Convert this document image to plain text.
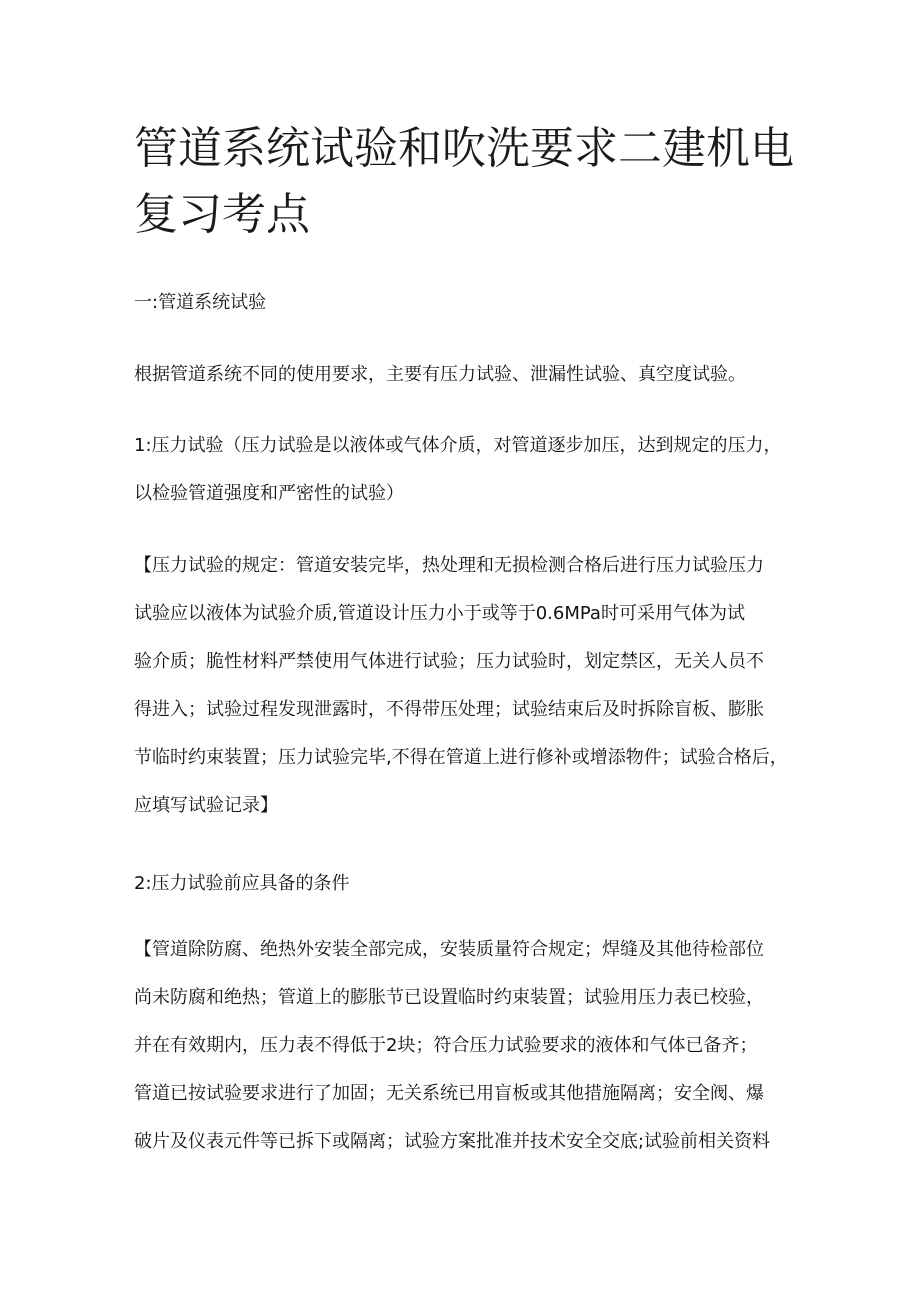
管道系统试验和吹洗要求二建机电复习考点
一:管道系统试验
根据管道系统不同的使用要求，主要有压力试验、泄漏性试验、真空度试验。
1:压力试验（压力试验是以液体或气体介质，对管道逐步加压，达到规定的压力，
以检验管道强度和严密性的试验）
【压力试验的规定：管道安装完毕，热处理和无损检测合格后进行压力试验压力
试验应以液体为试验介质,管道设计压力小于或等于0.6MPa时可采用气体为试
验介质；脆性材料严禁使用气体进行试验；压力试验时，划定禁区，无关人员不
得进入；试验过程发现泄露时，不得带压处理；试验结束后及时拆除盲板、膨胀
节临时约束装置；压力试验完毕,不得在管道上进行修补或增添物件；试验合格后，
应填写试验记录】
2:压力试验前应具备的条件
【管道除防腐、绝热外安装全部完成，安装质量符合规定；焊缝及其他待检部位
尚未防腐和绝热；管道上的膨胀节已设置临时约束装置；试验用压力表已校验，
并在有效期内，压力表不得低于2块；符合压力试验要求的液体和气体已备齐；
管道已按试验要求进行了加固；无关系统已用盲板或其他措施隔离；安全阀、爆
破片及仪表元件等已拆下或隔离；试验方案批准并技术安全交底;试验前相关资料
